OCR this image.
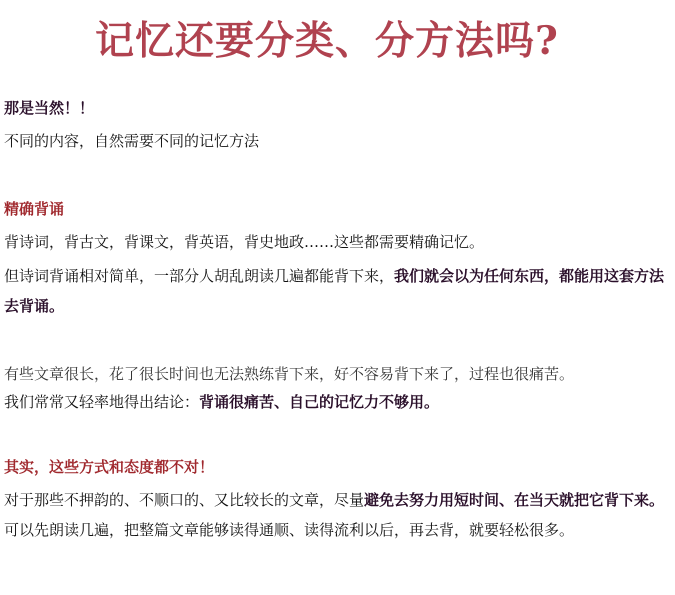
记忆还要分类、分方法吗?

那是当然！！

不同的内容，自然需要不同的记忆方法

精确背诵

背诗词，背古文，背课文，背英语，背史地政……这些都需要精确记忆。

但诗词背诵相对简单，一部分人胡乱朗读几遍都能背下来，我们就会以为任何东西，都能用这套方法去背诵。

有些文章很长，花了很长时间也无法熟练背下来，好不容易背下来了，过程也很痛苦。

我们常常又轻率地得出结论：背诵很痛苦、自己的记忆力不够用。

其实，这些方式和态度都不对！

对于那些不押韵的、不顺口的、又比较长的文章，尽量避免去努力用短时间、在当天就把它背下来。可以先朗读几遍，把整篇文章能够读得通顺、读得流利以后，再去背，就要轻松很多。
